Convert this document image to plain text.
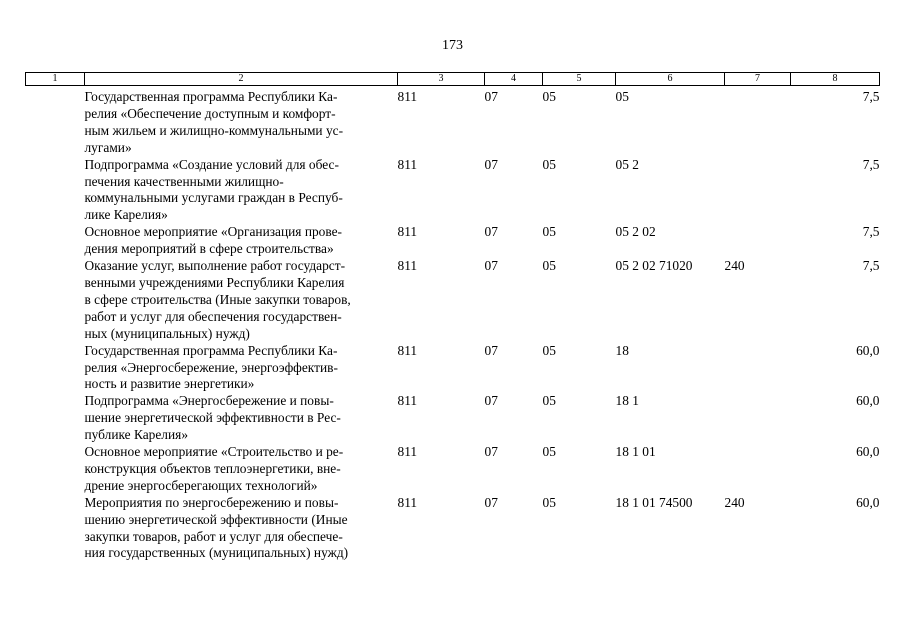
173
1	2	3	4	5	6	7	8

	Государственная программа Республики Ка-
релия «Обеспечение доступным и комфорт-
ным жильем и жилищно-коммунальными ус-
лугами»	811	07	05	05		7,5

	Подпрограмма «Создание условий для обес-
печения качественными жилищно-
коммунальными услугами граждан в Респуб-
лике Карелия»	811	07	05	05 2		7,5

	Основное мероприятие «Организация прове-
дения мероприятий в сфере строительства»	811	07	05	05 2 02		7,5

	Оказание услуг, выполнение работ государст-
венными учреждениями Республики Карелия
в сфере строительства (Иные закупки товаров,
работ и услуг для обеспечения государствен-
ных (муниципальных) нужд)	811	07	05	05 2 02 71020	240	7,5

	Государственная программа Республики Ка-
релия «Энергосбережение, энергоэффектив-
ность и развитие энергетики»	811	07	05	18		60,0

	Подпрограмма «Энергосбережение и повы-
шение энергетической эффективности в Рес-
публике Карелия»	811	07	05	18 1		60,0

	Основное мероприятие «Строительство и ре-
конструкция объектов теплоэнергетики, вне-
дрение энергосберегающих технологий»	811	07	05	18 1 01		60,0

	Мероприятия по энергосбережению и повы-
шению энергетической эффективности (Иные
закупки товаров, работ и услуг для обеспече-
ния государственных (муниципальных) нужд)	811	07	05	18 1 01 74500	240	60,0
